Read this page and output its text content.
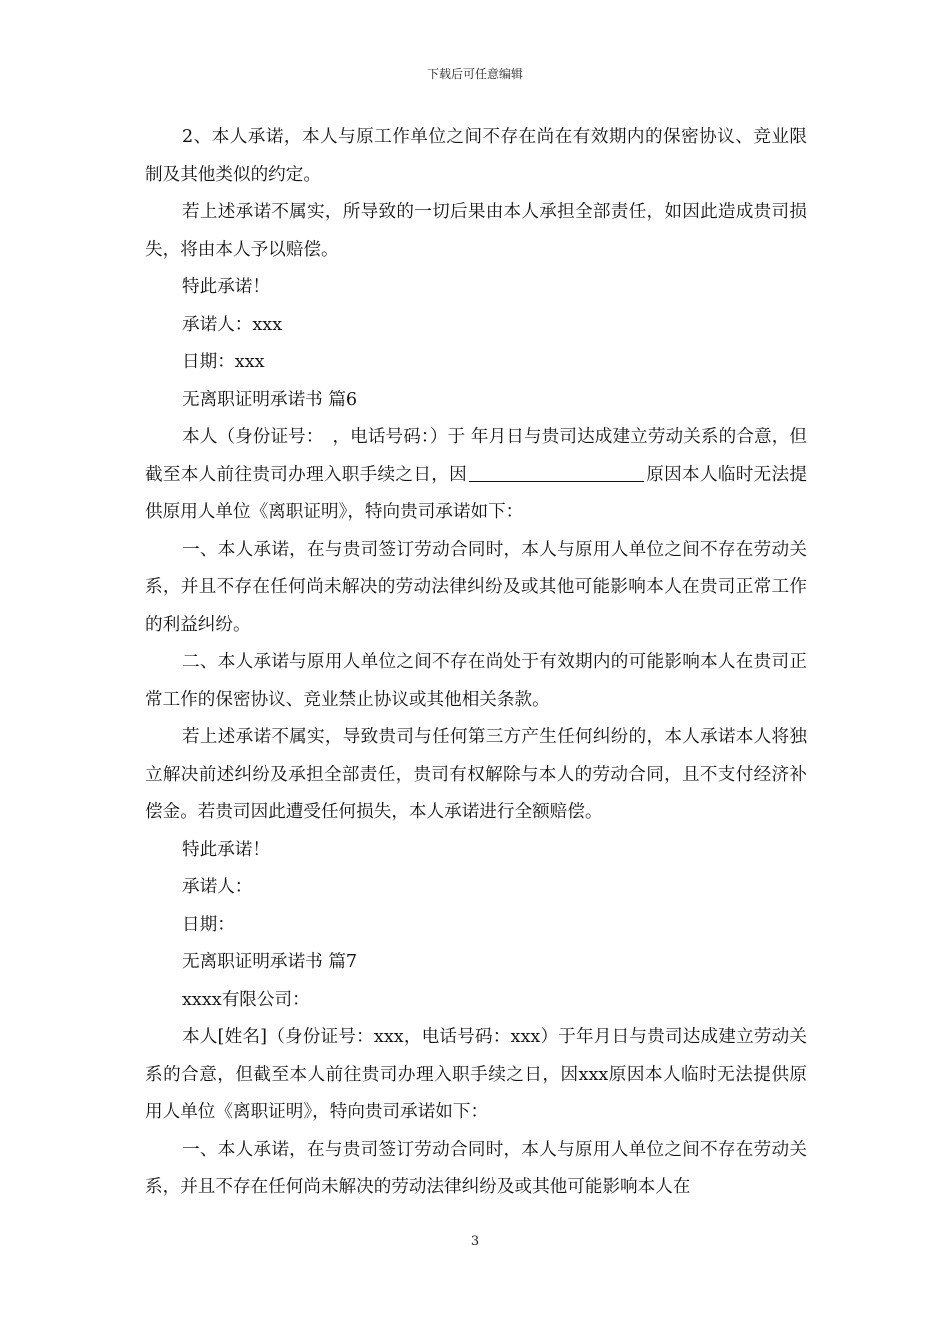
下载后可任意编辑

2、本人承诺，本人与原工作单位之间不存在尚在有效期内的保密协议、竞业限制及其他类似的约定。

若上述承诺不属实，所导致的一切后果由本人承担全部责任，如因此造成贵司损失，将由本人予以赔偿。

特此承诺！

承诺人：xxx

日期：xxx

无离职证明承诺书 篇6

本人（身份证号：　，电话号码：）于 年月日与贵司达成建立劳动关系的合意，但截至本人前往贵司办理入职手续之日，因	原因本人临时无法提供原用人单位《离职证明》，特向贵司承诺如下：

一、本人承诺，在与贵司签订劳动合同时，本人与原用人单位之间不存在劳动关系，并且不存在任何尚未解决的劳动法律纠纷及或其他可能影响本人在贵司正常工作的利益纠纷。

二、本人承诺与原用人单位之间不存在尚处于有效期内的可能影响本人在贵司正常工作的保密协议、竞业禁止协议或其他相关条款。

若上述承诺不属实，导致贵司与任何第三方产生任何纠纷的，本人承诺本人将独立解决前述纠纷及承担全部责任，贵司有权解除与本人的劳动合同，且不支付经济补偿金。若贵司因此遭受任何损失，本人承诺进行全额赔偿。

特此承诺！

承诺人：

日期：

无离职证明承诺书 篇7

xxxx有限公司：

本人[姓名]（身份证号：xxx，电话号码：xxx）于年月日与贵司达成建立劳动关系的合意，但截至本人前往贵司办理入职手续之日，因xxx原因本人临时无法提供原用人单位《离职证明》，特向贵司承诺如下：

一、本人承诺，在与贵司签订劳动合同时，本人与原用人单位之间不存在劳动关系，并且不存在任何尚未解决的劳动法律纠纷及或其他可能影响本人在

3
